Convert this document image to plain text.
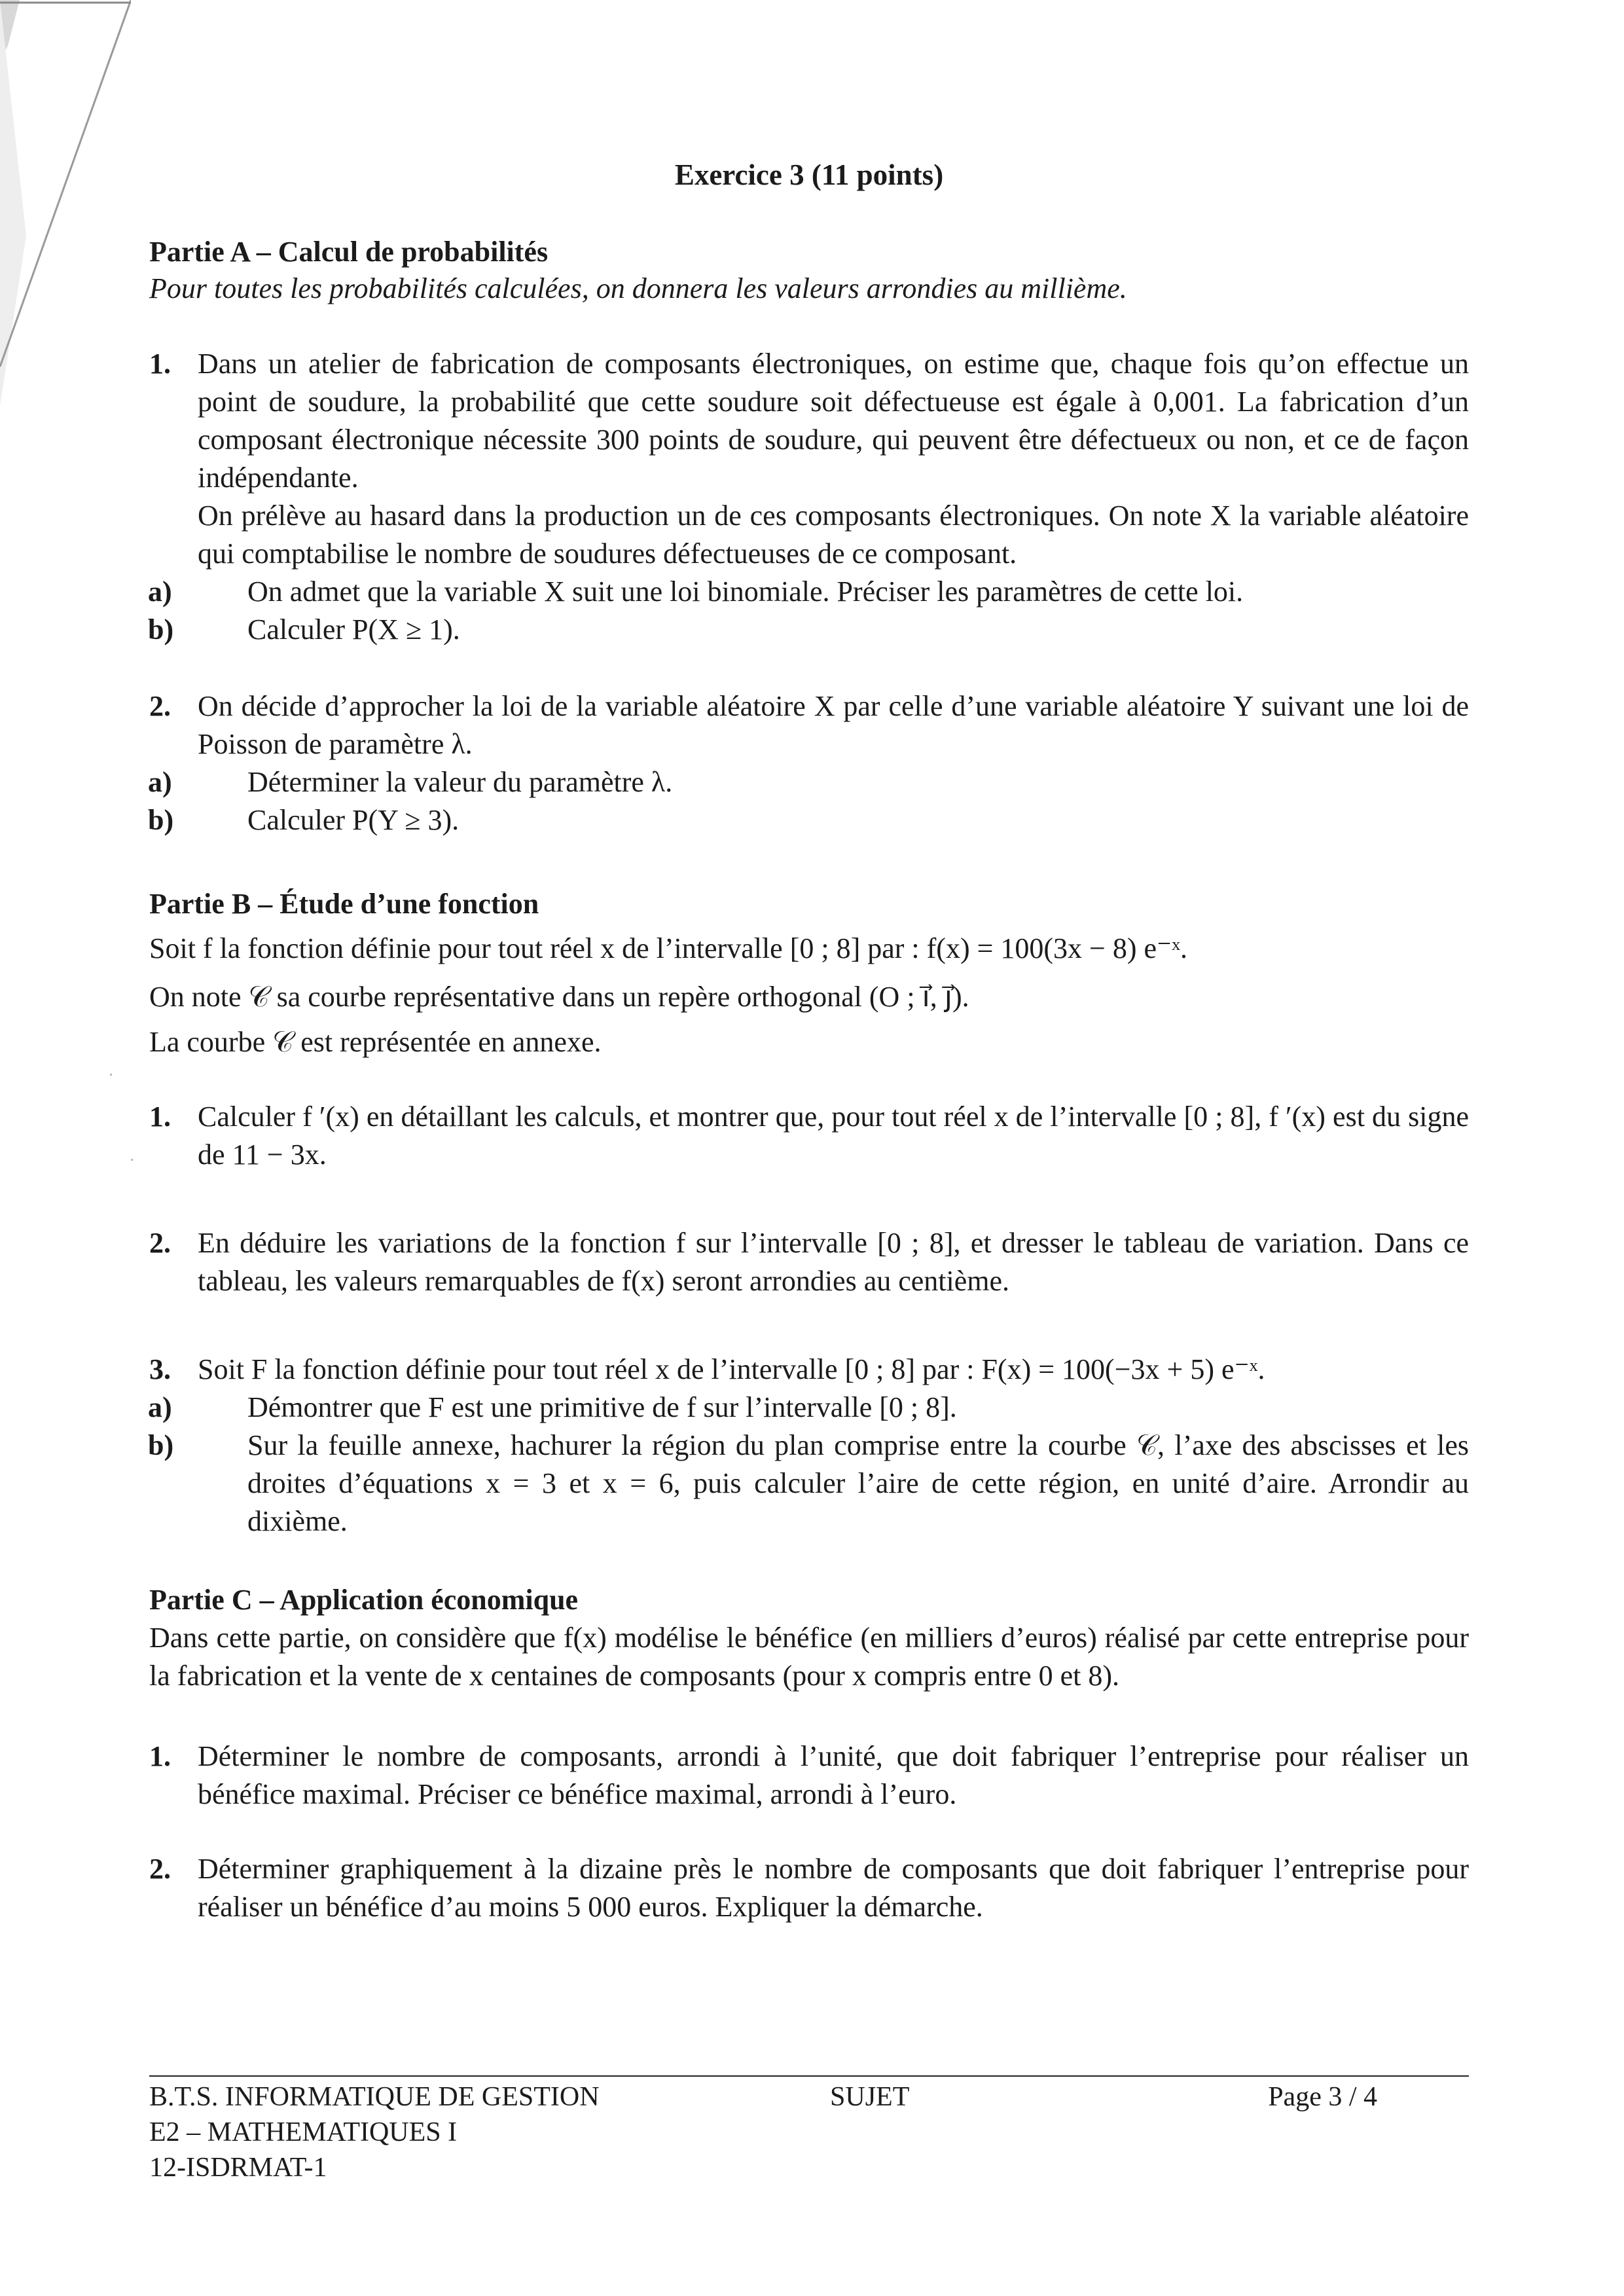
Exercice 3 (11 points)
Partie A – Calcul de probabilités
Pour toutes les probabilités calculées, on donnera les valeurs arrondies au millième.
1. Dans un atelier de fabrication de composants électroniques, on estime que, chaque fois qu’on effectue un point de soudure, la probabilité que cette soudure soit défectueuse est égale à 0,001. La fabrication d’un composant électronique nécessite 300 points de soudure, qui peuvent être défectueux ou non, et ce de façon indépendante.
On prélève au hasard dans la production un de ces composants électroniques. On note X la variable aléatoire qui comptabilise le nombre de soudures défectueuses de ce composant.
a)	On admet que la variable X suit une loi binomiale. Préciser les paramètres de cette loi.
b)	Calculer P(X ≥ 1).
2. On décide d’approcher la loi de la variable aléatoire X par celle d’une variable aléatoire Y suivant une loi de Poisson de paramètre λ.
a)	Déterminer la valeur du paramètre λ.
b)	Calculer P(Y ≥ 3).
Partie B – Étude d’une fonction
Soit f la fonction définie pour tout réel x de l’intervalle [0 ; 8] par : f(x) = 100(3x − 8) e⁻ˣ.
On note 𝒞 sa courbe représentative dans un repère orthogonal (O ; i⃗, j⃗).
La courbe 𝒞 est représentée en annexe.
1. Calculer f ′(x) en détaillant les calculs, et montrer que, pour tout réel x de l’intervalle [0 ; 8], f ′(x) est du signe de 11 − 3x.
2. En déduire les variations de la fonction f sur l’intervalle [0 ; 8], et dresser le tableau de variation. Dans ce tableau, les valeurs remarquables de f(x) seront arrondies au centième.
3. Soit F la fonction définie pour tout réel x de l’intervalle [0 ; 8] par : F(x) = 100(−3x + 5) e⁻ˣ.
a)	Démontrer que F est une primitive de f sur l’intervalle [0 ; 8].
b)	Sur la feuille annexe, hachurer la région du plan comprise entre la courbe 𝒞, l’axe des abscisses et les droites d’équations x = 3 et x = 6, puis calculer l’aire de cette région, en unité d’aire. Arrondir au dixième.
Partie C – Application économique
Dans cette partie, on considère que f(x) modélise le bénéfice (en milliers d’euros) réalisé par cette entreprise pour la fabrication et la vente de x centaines de composants (pour x compris entre 0 et 8).
1. Déterminer le nombre de composants, arrondi à l’unité, que doit fabriquer l’entreprise pour réaliser un bénéfice maximal. Préciser ce bénéfice maximal, arrondi à l’euro.
2. Déterminer graphiquement à la dizaine près le nombre de composants que doit fabriquer l’entreprise pour réaliser un bénéfice d’au moins 5 000 euros. Expliquer la démarche.
B.T.S. INFORMATIQUE DE GESTION
E2 – MATHEMATIQUES I
12-ISDRMAT-1
SUJET	Page 3 / 4
